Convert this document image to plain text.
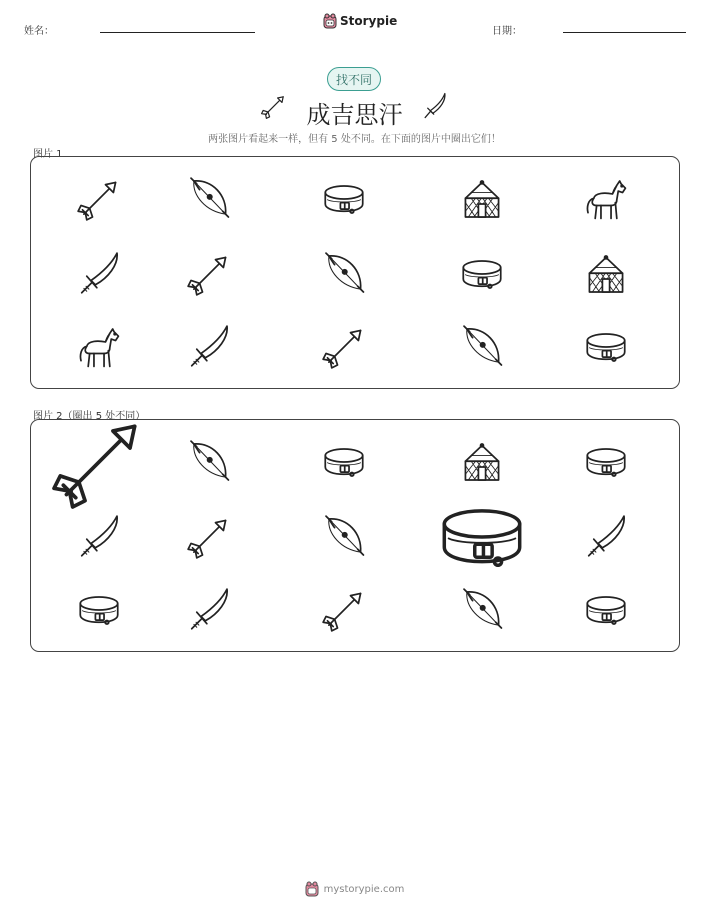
姓名：
Storypie
日期：
找不同
成吉思汗
两张图片看起来一样，但有 5 处不同。在下面的图片中圈出它们！
图片 1
图片 2（圈出 5 处不同）
mystorypie.com
